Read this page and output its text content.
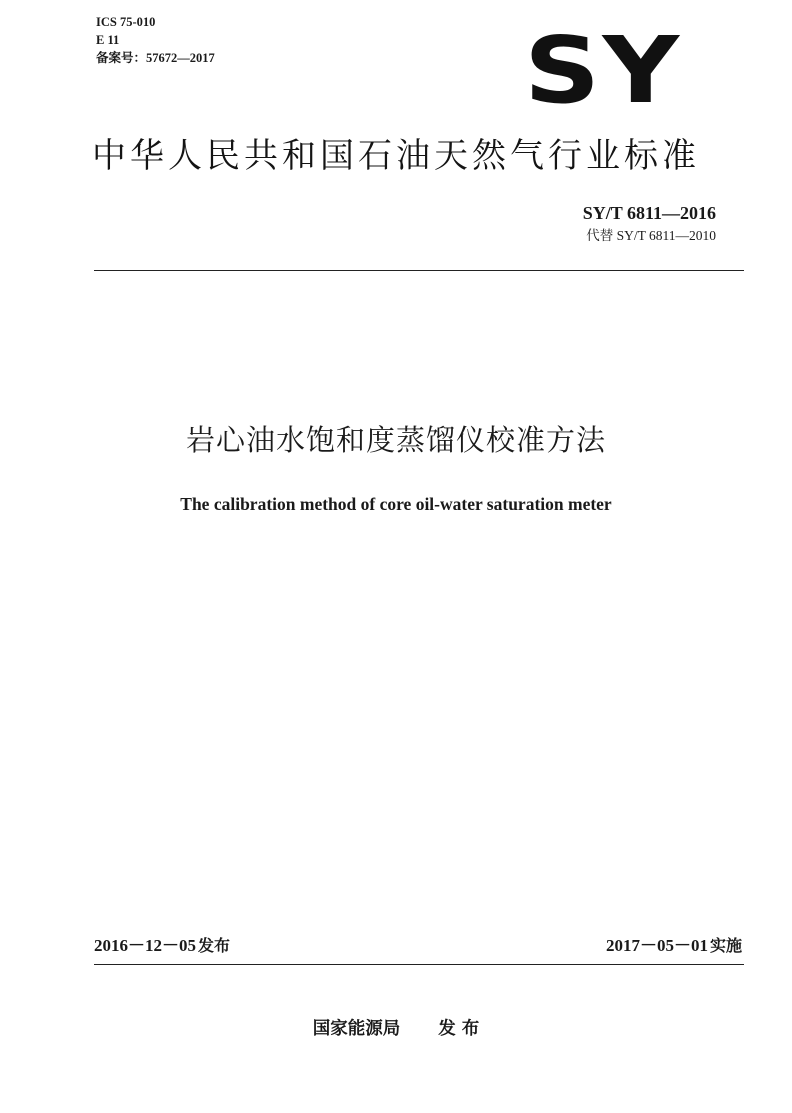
ICS 75-010
E 11
备案号：57672—2017	SY
中华人民共和国石油天然气行业标准
SY/T 6811—2016
代替 SY/T 6811—2010
岩心油水饱和度蒸馏仪校准方法
The calibration method of core oil-water saturation meter
2016－12－05 发布	2017－05－01 实施
国家能源局 发 布
